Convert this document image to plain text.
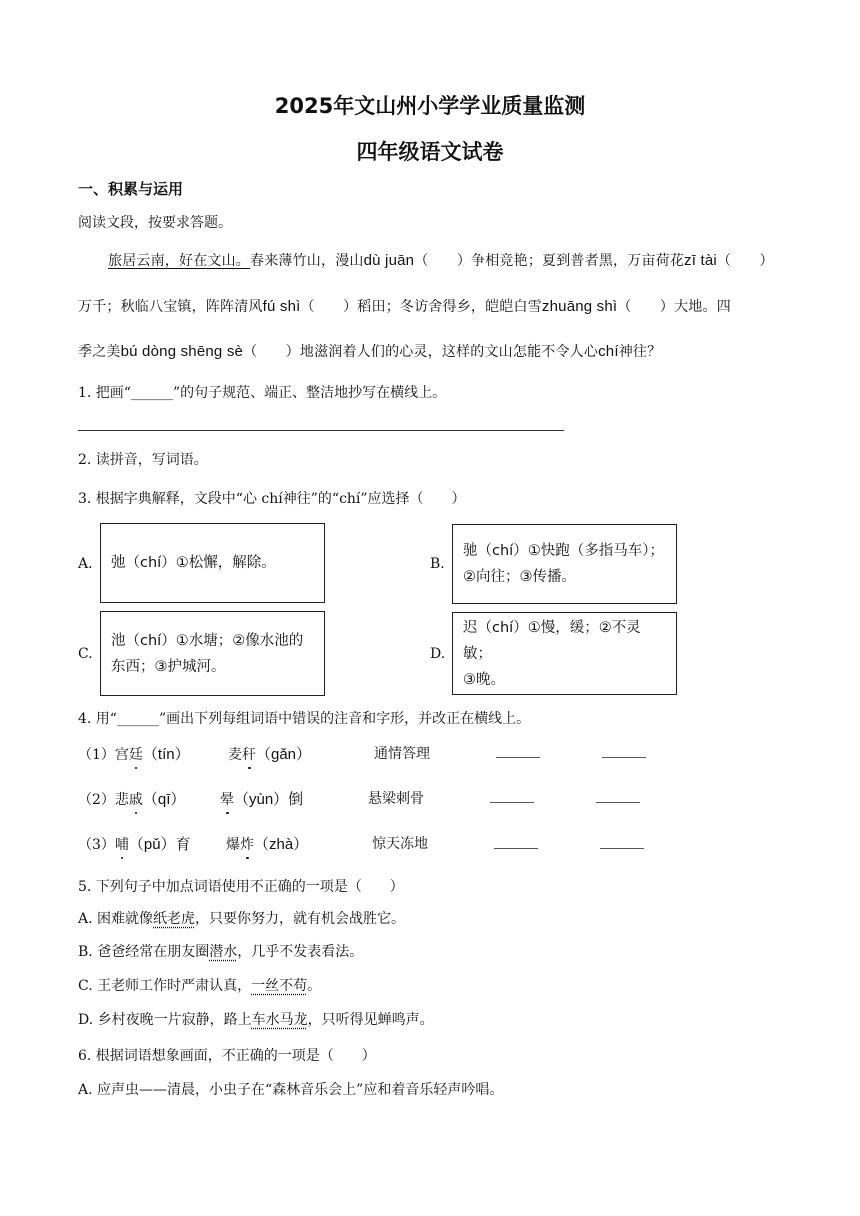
2025年文山州小学学业质量监测
四年级语文试卷
一、积累与运用
阅读文段，按要求答题。
旅居云南，好在文山。春来薄竹山，漫山dù juān（　　）争相竞艳；夏到普者黑，万亩荷花zī tài（　　）
万千；秋临八宝镇，阵阵清风fú shì（　　）稻田；冬访舍得乡，皑皑白雪zhuāng shì（　　）大地。四
季之美bú dòng shēng sè（　　）地滋润着人们的心灵，这样的文山怎能不令人心chí神往？
1. 把画“______”的句子规范、端正、整洁地抄写在横线上。
2. 读拼音，写词语。
3. 根据字典解释，文段中“心 chí神往”的“chí”应选择（　　）
A. 弛（chí）①松懈，解除。	B.
驰（chí）①快跑（多指马车）；
②向往；③传播。
C.
池（chí）①水塘；②像水池的
东西；③护城河。
D.
迟（chí）①慢，缓；②不灵敏；
③晚。
4. 用“______”画出下列每组词语中错误的注音和字形，并改正在横线上。
（1）宫廷（tín）	麦秆（gǎn）	通情答理
（2）悲戚（qī） 晕（yùn）倒	悬梁刺骨
（3）哺（pǔ）育	爆炸（zhà）	惊天冻地
5. 下列句子中加点词语使用不正确的一项是（　　）
A. 困难就像纸老虎，只要你努力，就有机会战胜它。
B. 爸爸经常在朋友圈潜水，几乎不发表看法。
C. 王老师工作时严肃认真，一丝不苟。
D. 乡村夜晚一片寂静，路上车水马龙，只听得见蝉鸣声。
6. 根据词语想象画面，不正确的一项是（　　）
A. 应声虫——清晨，小虫子在“森林音乐会上”应和着音乐轻声吟唱。
